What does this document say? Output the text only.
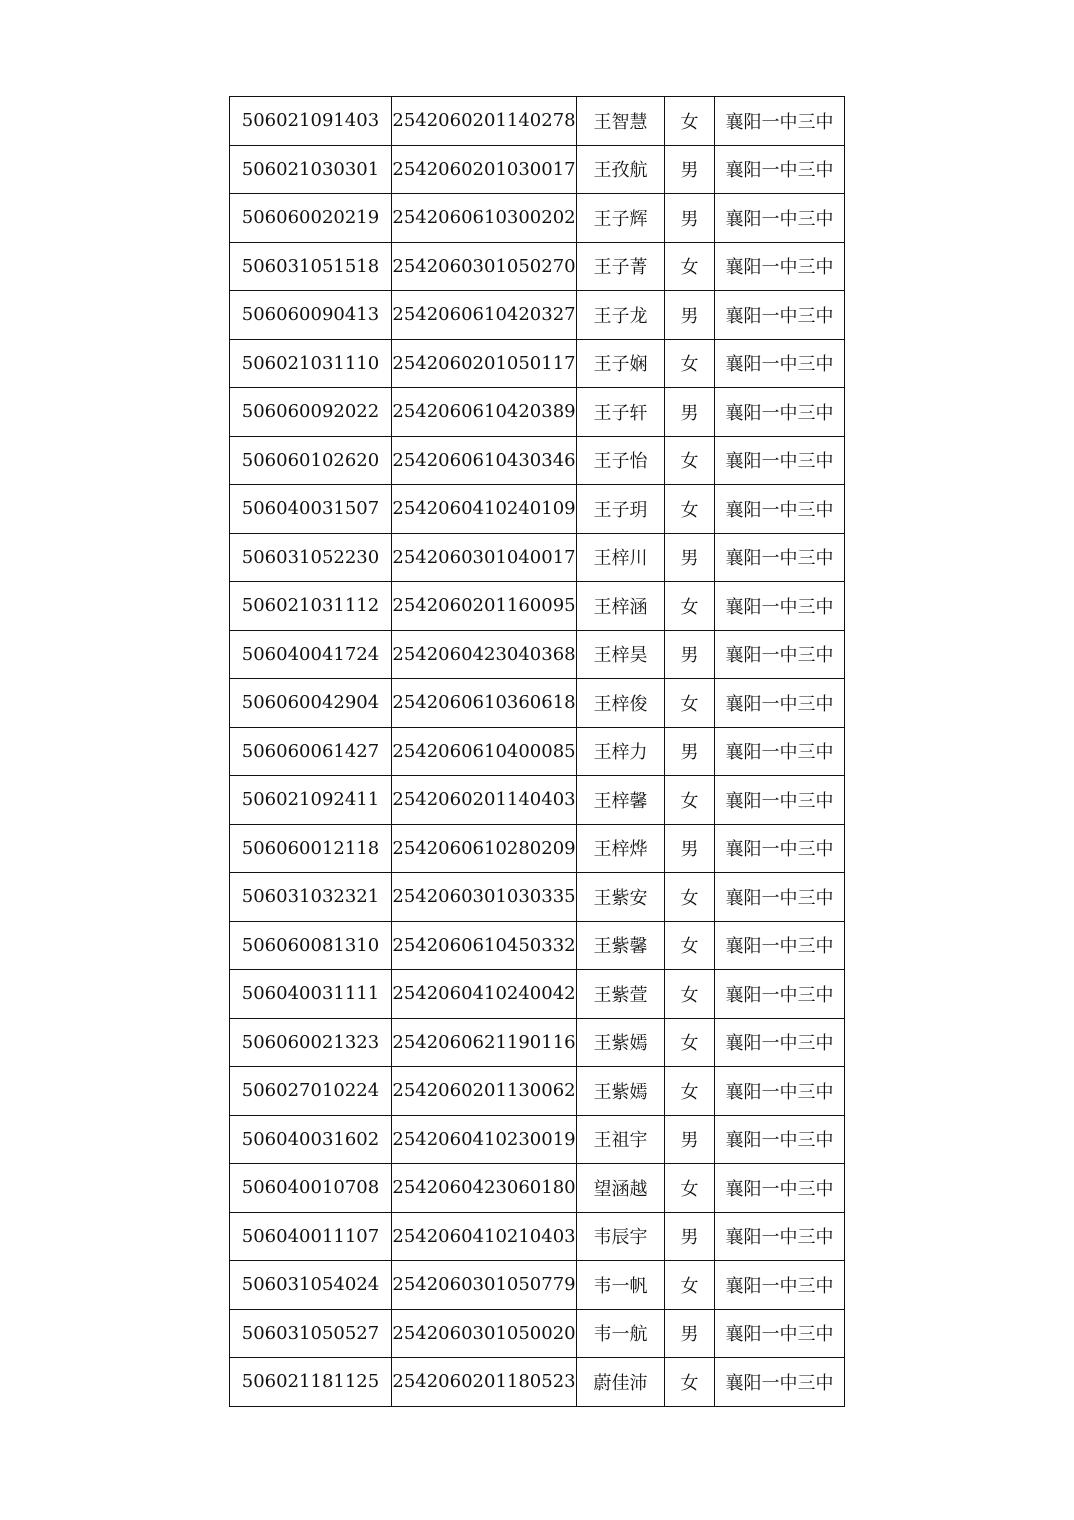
506021091403	2542060201140278	王智慧	女	襄阳一中三中
506021030301	2542060201030017	王孜航	男	襄阳一中三中
506060020219	2542060610300202	王子辉	男	襄阳一中三中
506031051518	2542060301050270	王子菁	女	襄阳一中三中
506060090413	2542060610420327	王子龙	男	襄阳一中三中
506021031110	2542060201050117	王子娴	女	襄阳一中三中
506060092022	2542060610420389	王子轩	男	襄阳一中三中
506060102620	2542060610430346	王子怡	女	襄阳一中三中
506040031507	2542060410240109	王子玥	女	襄阳一中三中
506031052230	2542060301040017	王梓川	男	襄阳一中三中
506021031112	2542060201160095	王梓涵	女	襄阳一中三中
506040041724	2542060423040368	王梓昊	男	襄阳一中三中
506060042904	2542060610360618	王梓俊	女	襄阳一中三中
506060061427	2542060610400085	王梓力	男	襄阳一中三中
506021092411	2542060201140403	王梓馨	女	襄阳一中三中
506060012118	2542060610280209	王梓烨	男	襄阳一中三中
506031032321	2542060301030335	王紫安	女	襄阳一中三中
506060081310	2542060610450332	王紫馨	女	襄阳一中三中
506040031111	2542060410240042	王紫萱	女	襄阳一中三中
506060021323	2542060621190116	王紫嫣	女	襄阳一中三中
506027010224	2542060201130062	王紫嫣	女	襄阳一中三中
506040031602	2542060410230019	王祖宇	男	襄阳一中三中
506040010708	2542060423060180	望涵越	女	襄阳一中三中
506040011107	2542060410210403	韦辰宇	男	襄阳一中三中
506031054024	2542060301050779	韦一帆	女	襄阳一中三中
506031050527	2542060301050020	韦一航	男	襄阳一中三中
506021181125	2542060201180523	蔚佳沛	女	襄阳一中三中
